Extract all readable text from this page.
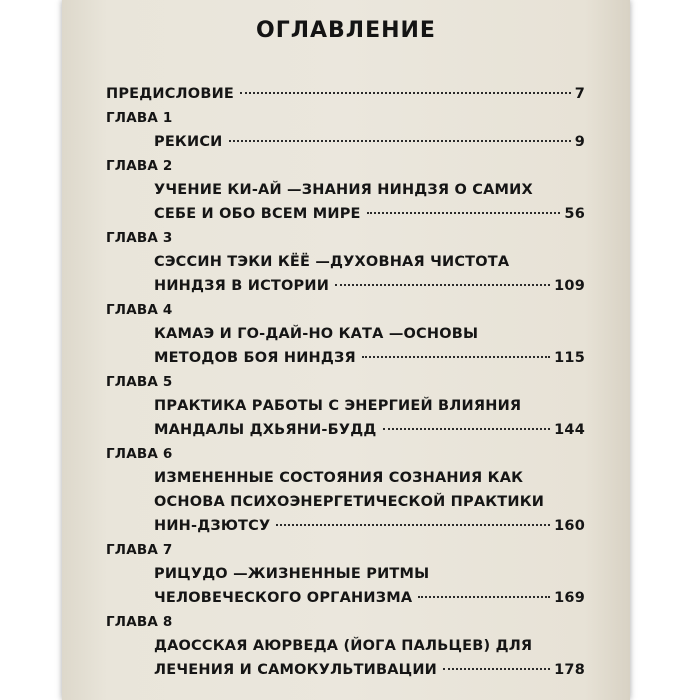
ОГЛАВЛЕНИЕ
ПРЕДИСЛОВИЕ	7
ГЛАВА 1
РЕКИСИ	9
ГЛАВА 2
УЧЕНИЕ КИ-АЙ —ЗНАНИЯ НИНДЗЯ О САМИХ
СЕБЕ И ОБО ВСЕМ МИРЕ	56
ГЛАВА 3
СЭССИН ТЭКИ КЁЁ —ДУХОВНАЯ ЧИСТОТА
НИНДЗЯ В ИСТОРИИ	109
ГЛАВА 4
КАМАЭ И ГО-ДАЙ-НО КАТА —ОСНОВЫ
МЕТОДОВ БОЯ НИНДЗЯ	115
ГЛАВА 5
ПРАКТИКА РАБОТЫ С ЭНЕРГИЕЙ ВЛИЯНИЯ
МАНДАЛЫ ДХЬЯНИ-БУДД	144
ГЛАВА 6
ИЗМЕНЕННЫЕ СОСТОЯНИЯ СОЗНАНИЯ КАК
ОСНОВА ПСИХОЭНЕРГЕТИЧЕСКОЙ ПРАКТИКИ
НИН-ДЗЮТСУ	160
ГЛАВА 7
РИЦУДО —ЖИЗНЕННЫЕ РИТМЫ
ЧЕЛОВЕЧЕСКОГО ОРГАНИЗМА	169
ГЛАВА 8
ДАОССКАЯ АЮРВЕДА (ЙОГА ПАЛЬЦЕВ) ДЛЯ
ЛЕЧЕНИЯ И САМОКУЛЬТИВАЦИИ	178
